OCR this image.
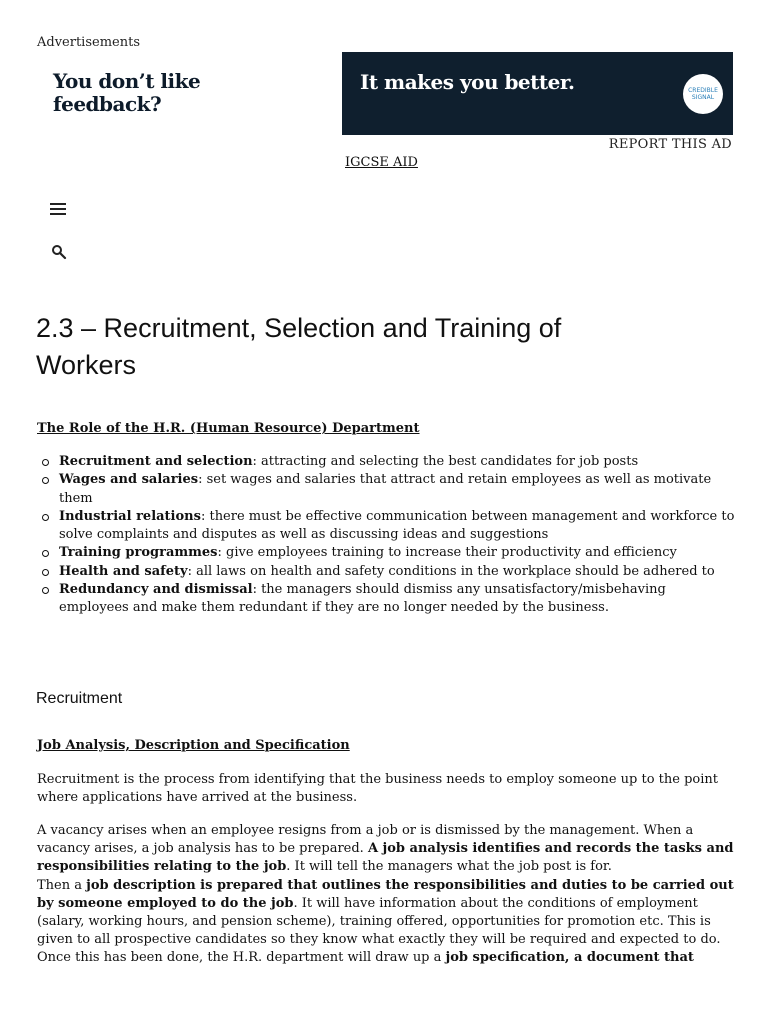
Advertisements
You don’t like feedback?
It makes you better.	CREDIBLE SIGNAL
REPORT THIS AD
IGCSE AID
2.3 – Recruitment, Selection and Training of Workers
The Role of the H.R. (Human Resource) Department
Recruitment and selection: attracting and selecting the best candidates for job posts
Wages and salaries: set wages and salaries that attract and retain employees as well as motivate them
Industrial relations: there must be effective communication between management and workforce to solve complaints and disputes as well as discussing ideas and suggestions
Training programmes: give employees training to increase their productivity and efficiency
Health and safety: all laws on health and safety conditions in the workplace should be adhered to
Redundancy and dismissal: the managers should dismiss any unsatisfactory/misbehaving employees and make them redundant if they are no longer needed by the business.
Recruitment
Job Analysis, Description and Specification

Recruitment is the process from identifying that the business needs to employ someone up to the point where applications have arrived at the business.

A vacancy arises when an employee resigns from a job or is dismissed by the management. When a vacancy arises, a job analysis has to be prepared. A job analysis identifies and records the tasks and responsibilities relating to the job. It will tell the managers what the job post is for.
Then a job description is prepared that outlines the responsibilities and duties to be carried out by someone employed to do the job. It will have information about the conditions of employment (salary, working hours, and pension scheme), training offered, opportunities for promotion etc. This is given to all prospective candidates so they know what exactly they will be required and expected to do.
Once this has been done, the H.R. department will draw up a job specification, a document that
